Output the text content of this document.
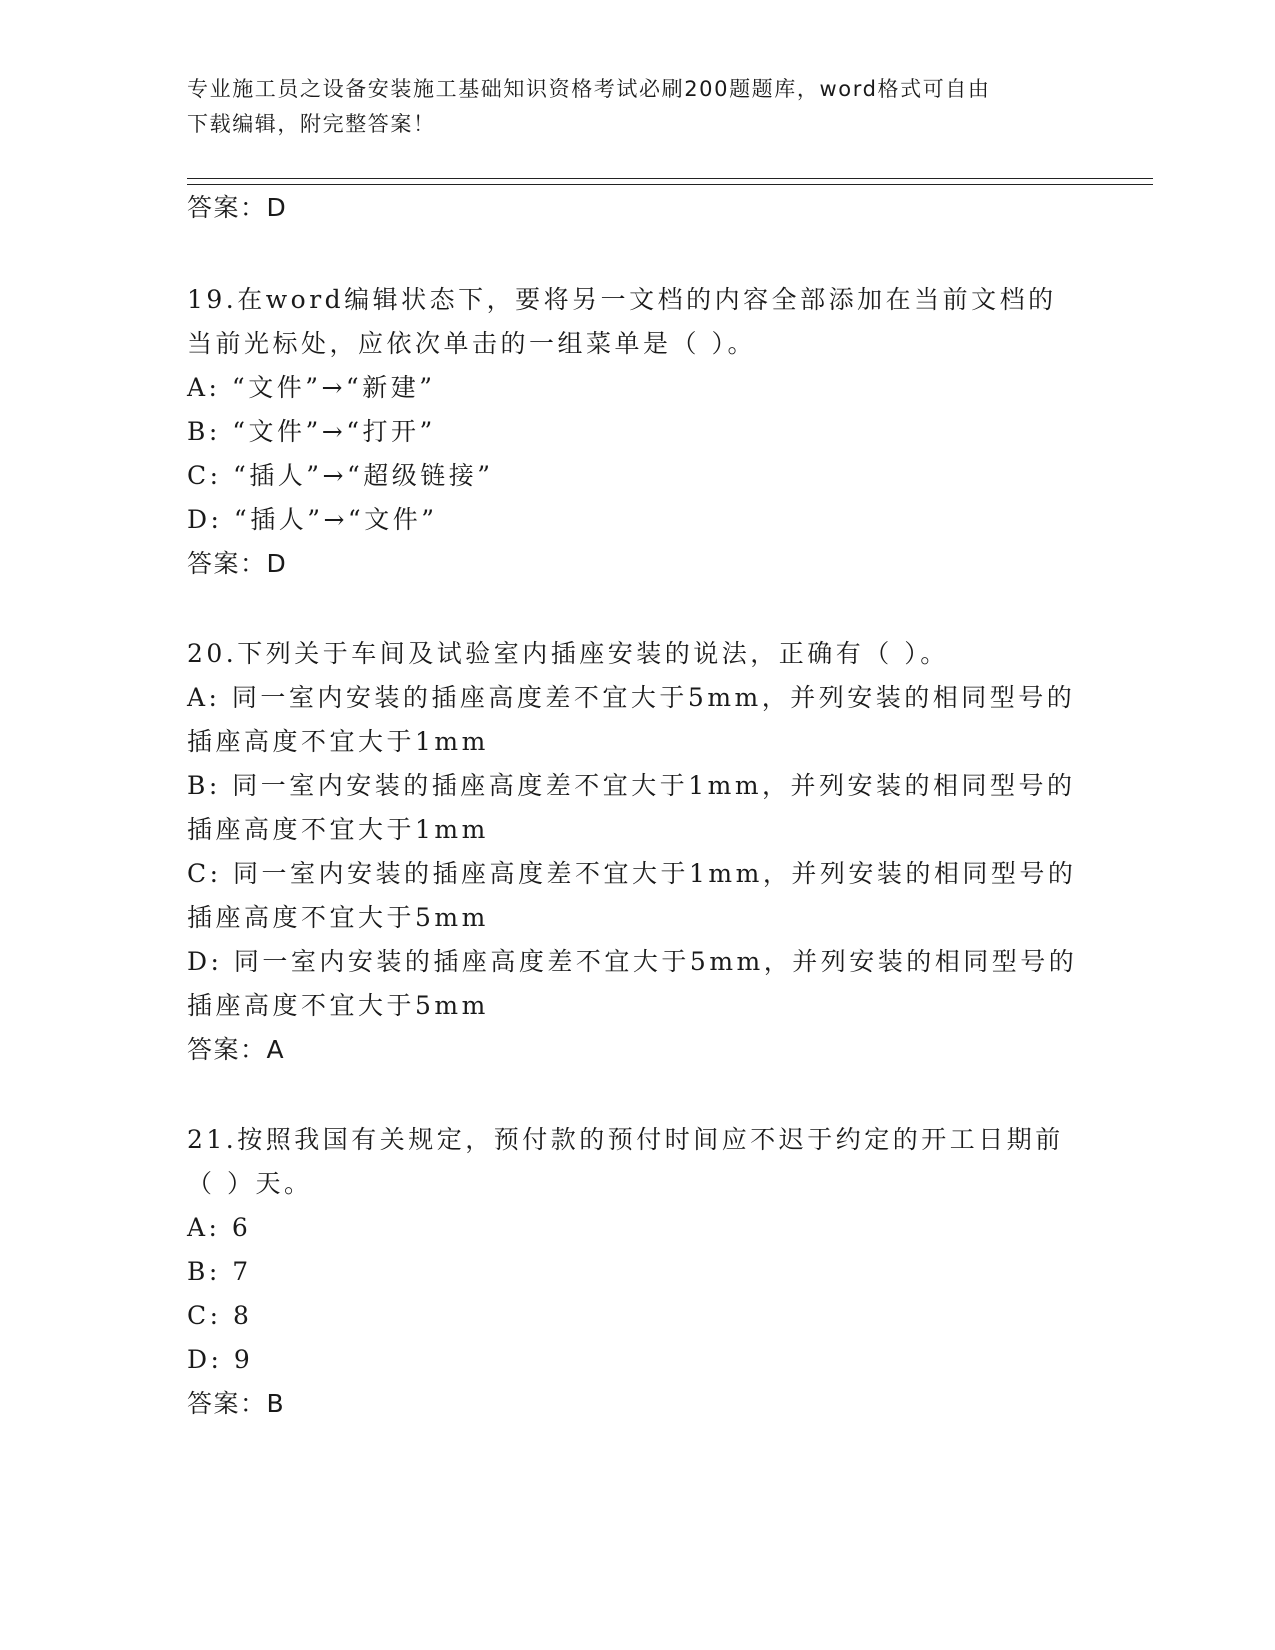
专业施工员之设备安装施工基础知识资格考试必刷200题题库，word格式可自由
下载编辑，附完整答案！
答案：D
19.在word编辑状态下，要将另一文档的内容全部添加在当前文档的
当前光标处，应依次单击的一组菜单是（ ）。
A: “文件”→“新建”
B: “文件”→“打开”
C: “插人”→“超级链接”
D: “插人”→“文件”
答案：D
20.下列关于车间及试验室内插座安装的说法，正确有（ ）。
A: 同一室内安装的插座高度差不宜大于5mm，并列安装的相同型号的
插座高度不宜大于1mm
B: 同一室内安装的插座高度差不宜大于1mm，并列安装的相同型号的
插座高度不宜大于1mm
C: 同一室内安装的插座高度差不宜大于1mm，并列安装的相同型号的
插座高度不宜大于5mm
D: 同一室内安装的插座高度差不宜大于5mm，并列安装的相同型号的
插座高度不宜大于5mm
答案：A
21.按照我国有关规定，预付款的预付时间应不迟于约定的开工日期前
（ ）天。
A: 6
B: 7
C: 8
D: 9
答案：B
